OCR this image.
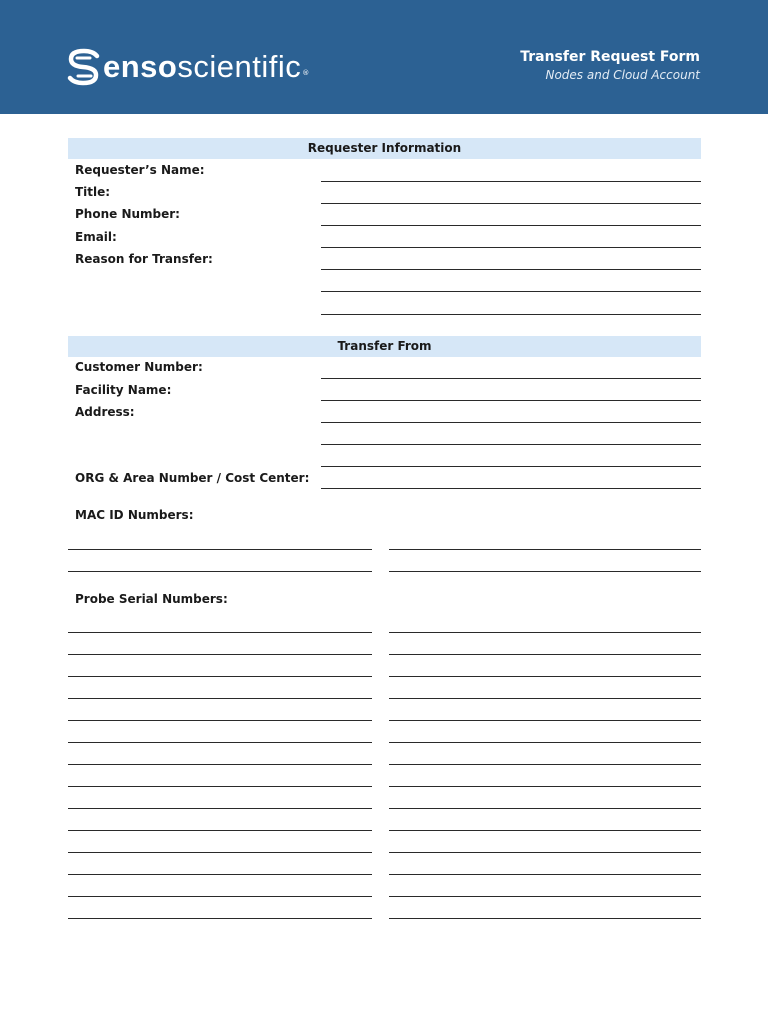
enso scientific ®
Transfer Request Form
Nodes and Cloud Account
Requester Information
Requester’s Name:
Title:
Phone Number:
Email:
Reason for Transfer:
Transfer From
Customer Number:
Facility Name:
Address:
ORG & Area Number / Cost Center:
MAC ID Numbers:
Probe Serial Numbers:
